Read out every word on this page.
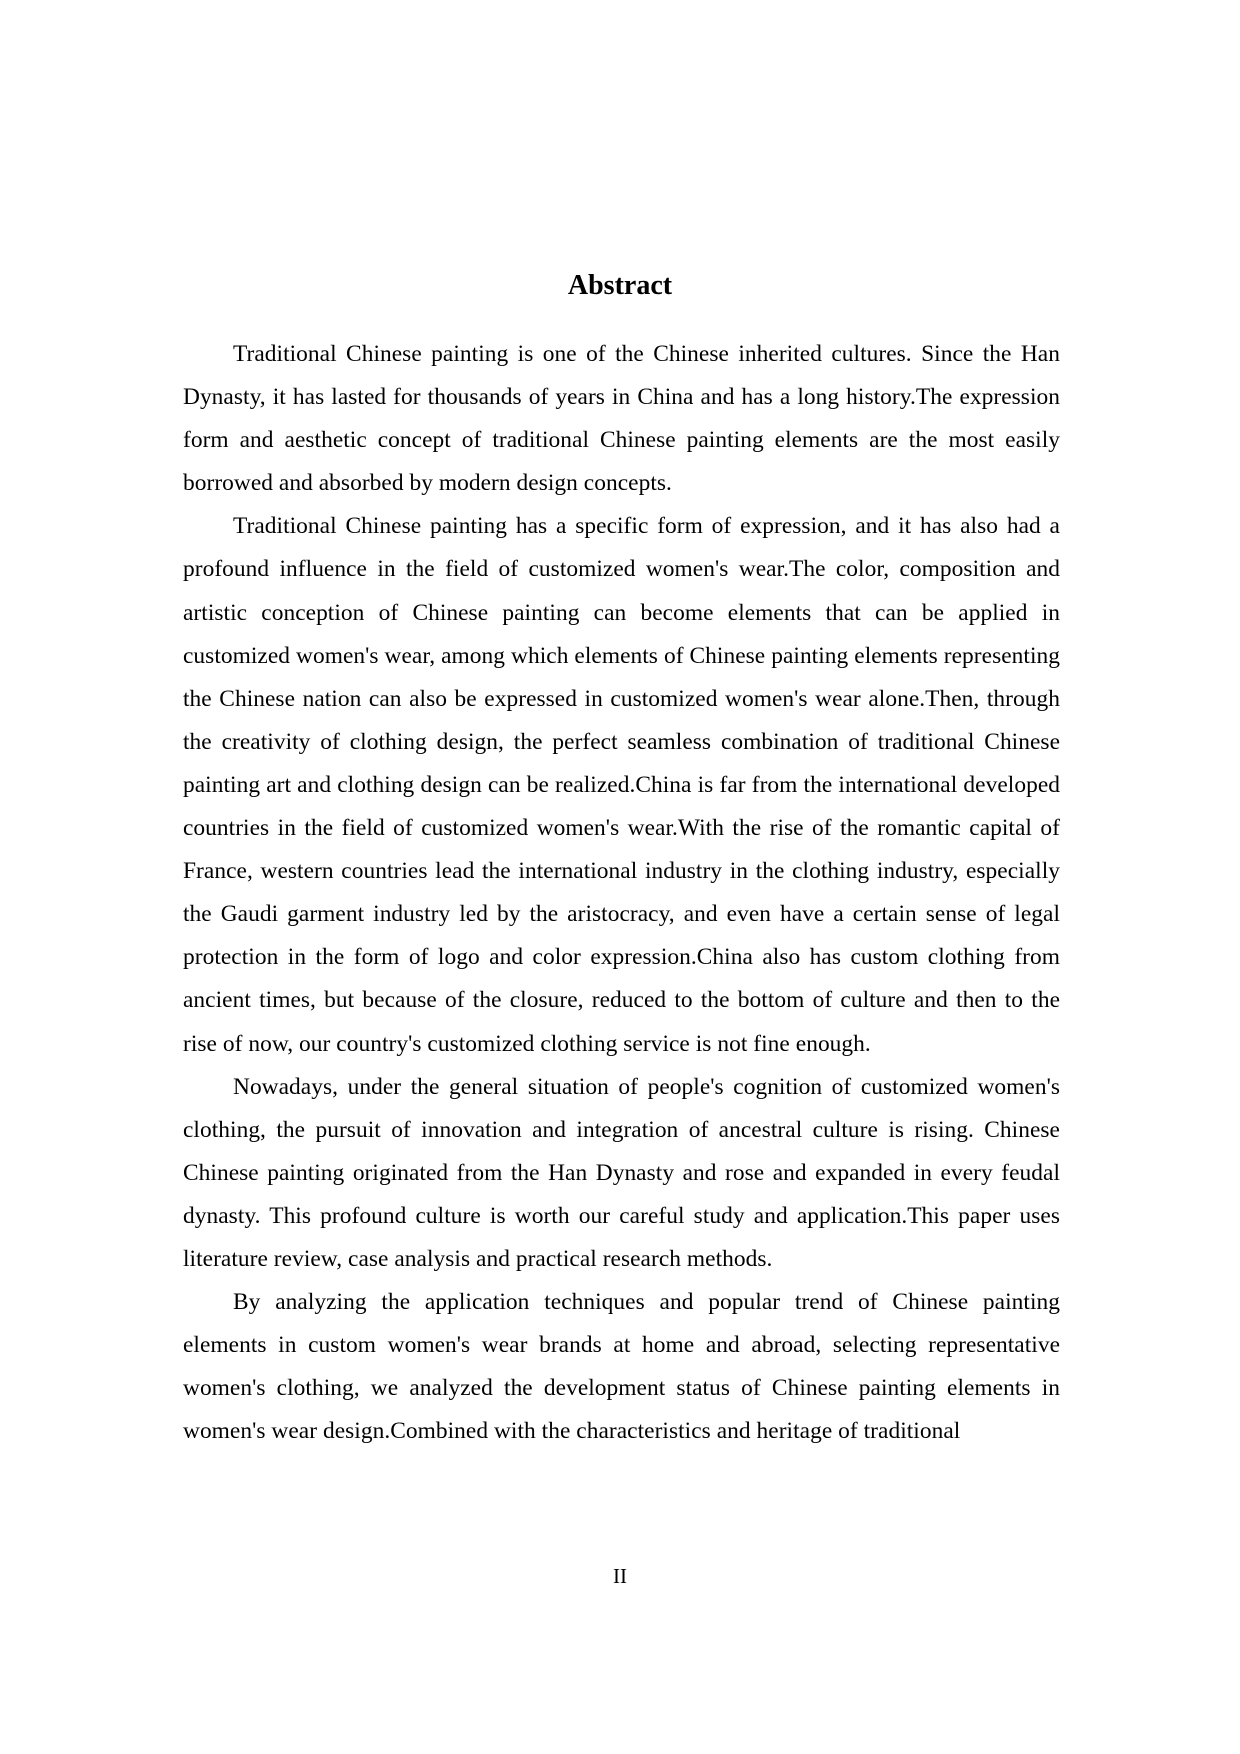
Abstract

Traditional Chinese painting is one of the Chinese inherited cultures. Since the Han Dynasty, it has lasted for thousands of years in China and has a long history.The expression form and aesthetic concept of traditional Chinese painting elements are the most easily borrowed and absorbed by modern design concepts.

Traditional Chinese painting has a specific form of expression, and it has also had a profound influence in the field of customized women's wear.The color, composition and artistic conception of Chinese painting can become elements that can be applied in customized women's wear, among which elements of Chinese painting elements representing the Chinese nation can also be expressed in customized women's wear alone.Then, through the creativity of clothing design, the perfect seamless combination of traditional Chinese painting art and clothing design can be realized.China is far from the international developed countries in the field of customized women's wear.With the rise of the romantic capital of France, western countries lead the international industry in the clothing industry, especially the Gaudi garment industry led by the aristocracy, and even have a certain sense of legal protection in the form of logo and color expression.China also has custom clothing from ancient times, but because of the closure, reduced to the bottom of culture and then to the rise of now, our country's customized clothing service is not fine enough.

Nowadays, under the general situation of people's cognition of customized women's clothing, the pursuit of innovation and integration of ancestral culture is rising. Chinese Chinese painting originated from the Han Dynasty and rose and expanded in every feudal dynasty. This profound culture is worth our careful study and application.This paper uses literature review, case analysis and practical research methods.

By analyzing the application techniques and popular trend of Chinese painting elements in custom women's wear brands at home and abroad, selecting representative women's clothing, we analyzed the development status of Chinese painting elements in women's wear design.Combined with the characteristics and heritage of traditional

II
